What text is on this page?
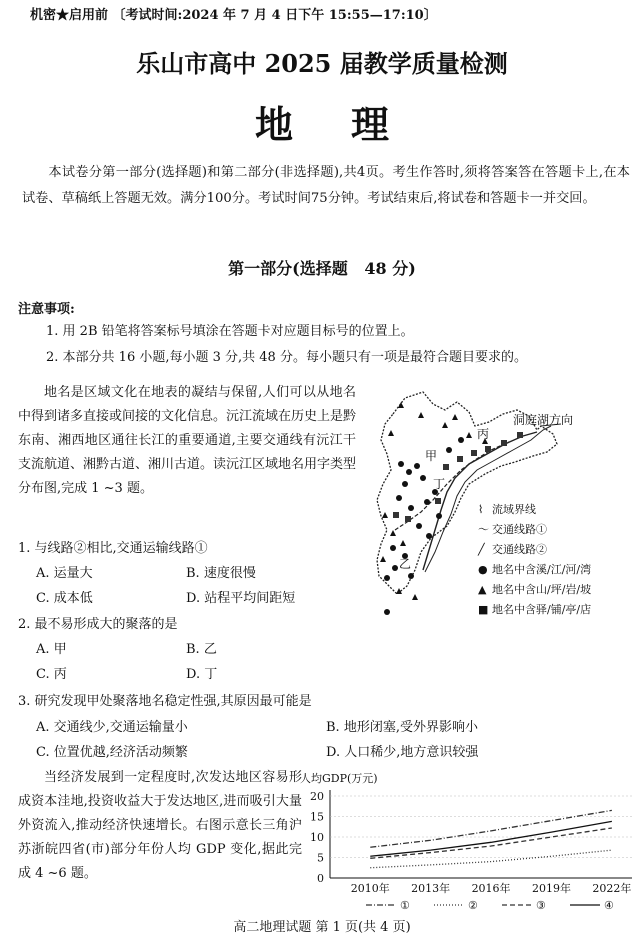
机密★启用前 〔考试时间:2024 年 7 月 4 日下午 15:55—17:10〕
乐山市高中 2025 届教学质量检测
地理
本试卷分第一部分(选择题)和第二部分(非选择题),共4页。考生作答时,须将答案答在答题卡上,在本试卷、草稿纸上答题无效。满分100分。考试时间75分钟。考试结束后,将试卷和答题卡一并交回。
第一部分(选择题   48 分)
注意事项:
1. 用 2B 铅笔将答案标号填涂在答题卡对应题目标号的位置上。
2. 本部分共 16 小题,每小题 3 分,共 48 分。每小题只有一项是最符合题目要求的。
地名是区域文化在地表的凝结与保留,人们可以从地名中得到诸多直接或间接的文化信息。沅江流域在历史上是黔东南、湘西地区通往长江的重要通道,主要交通线有沅江干支流航道、湘黔古道、湘川古道。读沅江区域地名用字类型分布图,完成 1 ~3 题。
丙
甲
丁
乙
洞庭湖方向
⌇ 流域界线
〜 交通线路①
╱ 交通线路②
● 地名中含溪/江/河/湾
▲ 地名中含山/坪/岩/坡
■ 地名中含驿/铺/亭/店
1. 与线路②相比,交通运输线路①
A. 运量大	B. 速度很慢
C. 成本低	D. 站程平均间距短
2. 最不易形成大的聚落的是
A. 甲	B. 乙
C. 丙	D. 丁
3. 研究发现甲处聚落地名稳定性强,其原因最可能是
A. 交通线少,交通运输量小	B. 地形闭塞,受外界影响小
C. 位置优越,经济活动频繁	D. 人口稀少,地方意识较强
当经济发展到一定程度时,次发达地区容易形成资本洼地,投资收益大于发达地区,进而吸引大量外资流入,推动经济快速增长。右图示意长三角沪苏浙皖四省(市)部分年份人均 GDP 变化,据此完成 4 ~6 题。
人均GDP(万元)
0
5
10
15
20
2010年 2013年 2016年 2019年 2022年
①	②	③	④
高二地理试题 第 1 页(共 4 页)
